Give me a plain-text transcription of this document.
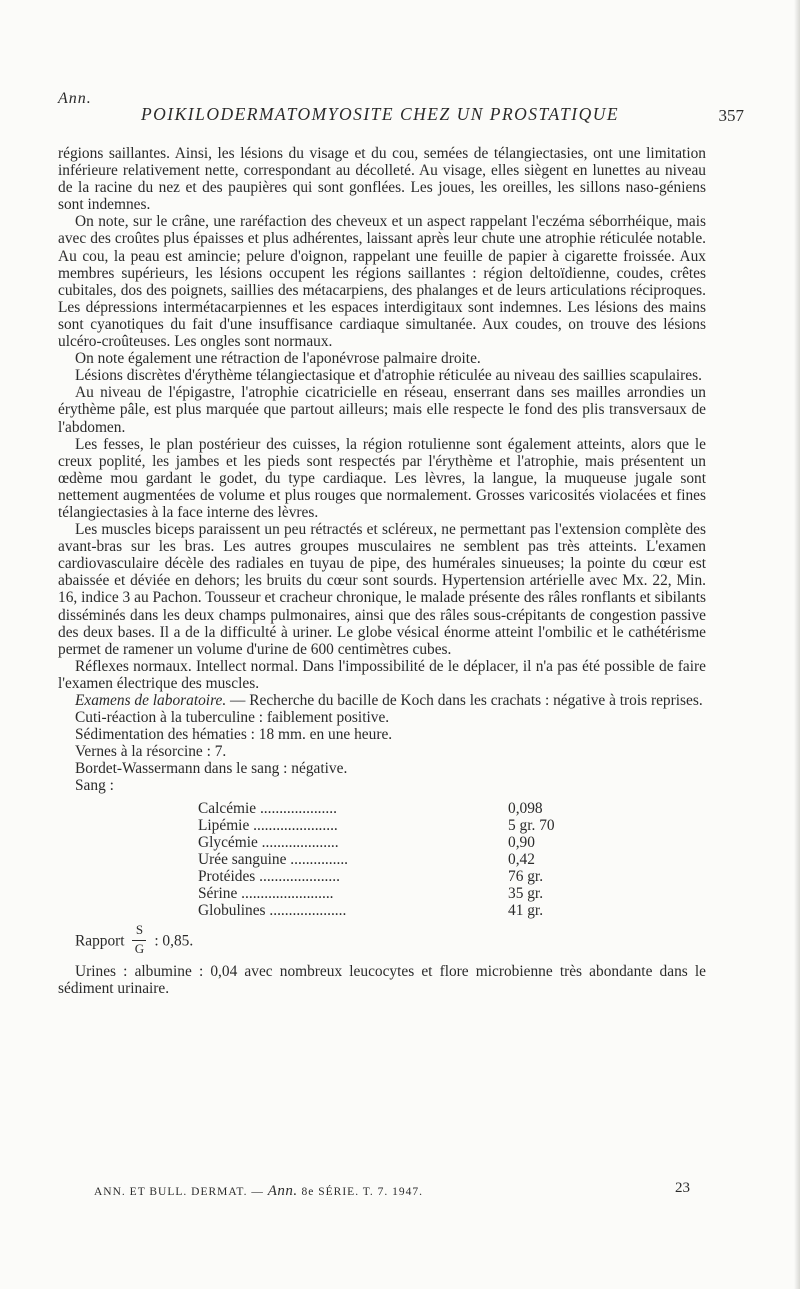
Ann.
POIKILODERMATOMYOSITE CHEZ UN PROSTATIQUE	357

régions saillantes. Ainsi, les lésions du visage et du cou, semées de télangiectasies, ont une limitation inférieure relativement nette, correspondant au décolleté. Au visage, elles siègent en lunettes au niveau de la racine du nez et des paupières qui sont gonflées. Les joues, les oreilles, les sillons naso-géniens sont indemnes.

On note, sur le crâne, une raréfaction des cheveux et un aspect rappelant l'eczéma séborrhéique, mais avec des croûtes plus épaisses et plus adhérentes, laissant après leur chute une atrophie réticulée notable. Au cou, la peau est amincie; pelure d'oignon, rappelant une feuille de papier à cigarette froissée. Aux membres supérieurs, les lésions occupent les régions saillantes : région deltoïdienne, coudes, crêtes cubitales, dos des poignets, saillies des métacarpiens, des phalanges et de leurs articulations réciproques. Les dépressions intermétacarpiennes et les espaces interdigitaux sont indemnes. Les lésions des mains sont cyanotiques du fait d'une insuffisance cardiaque simultanée. Aux coudes, on trouve des lésions ulcéro-croûteuses. Les ongles sont normaux.

On note également une rétraction de l'aponévrose palmaire droite.

Lésions discrètes d'érythème télangiectasique et d'atrophie réticulée au niveau des saillies scapulaires.

Au niveau de l'épigastre, l'atrophie cicatricielle en réseau, enserrant dans ses mailles arrondies un érythème pâle, est plus marquée que partout ailleurs; mais elle respecte le fond des plis transversaux de l'abdomen.

Les fesses, le plan postérieur des cuisses, la région rotulienne sont également atteints, alors que le creux poplité, les jambes et les pieds sont respectés par l'érythème et l'atrophie, mais présentent un œdème mou gardant le godet, du type cardiaque. Les lèvres, la langue, la muqueuse jugale sont nettement augmentées de volume et plus rouges que normalement. Grosses varicosités violacées et fines télangiectasies à la face interne des lèvres.

Les muscles biceps paraissent un peu rétractés et scléreux, ne permettant pas l'extension complète des avant-bras sur les bras. Les autres groupes musculaires ne semblent pas très atteints. L'examen cardiovasculaire décèle des radiales en tuyau de pipe, des humérales sinueuses; la pointe du cœur est abaissée et déviée en dehors; les bruits du cœur sont sourds. Hypertension artérielle avec Mx. 22, Min. 16, indice 3 au Pachon. Tousseur et cracheur chronique, le malade présente des râles ronflants et sibilants disséminés dans les deux champs pulmonaires, ainsi que des râles sous-crépitants de congestion passive des deux bases. Il a de la difficulté à uriner. Le globe vésical énorme atteint l'ombilic et le cathétérisme permet de ramener un volume d'urine de 600 centimètres cubes.

Réflexes normaux. Intellect normal. Dans l'impossibilité de le déplacer, il n'a pas été possible de faire l'examen électrique des muscles.

Examens de laboratoire. — Recherche du bacille de Koch dans les crachats : négative à trois reprises.

Cuti-réaction à la tuberculine : faiblement positive.

Sédimentation des hématies : 18 mm. en une heure.

Vernes à la résorcine : 7.

Bordet-Wassermann dans le sang : négative.

Sang :

Calcémie ....................	0,098
Lipémie ......................	5 gr. 70
Glycémie ....................	0,90
Urée sanguine ...............	0,42
Protéides .....................	76 gr.
Sérine ........................	35 gr.
Globulines ....................	41 gr.
Rapport $\frac{S}{G}$ : 0,85.

Urines : albumine : 0,04 avec nombreux leucocytes et flore microbienne très abondante dans le sédiment urinaire.

ANN. ET BULL. DERMAT. — Ann. 8e SÉRIE. T. 7. 1947.	23
